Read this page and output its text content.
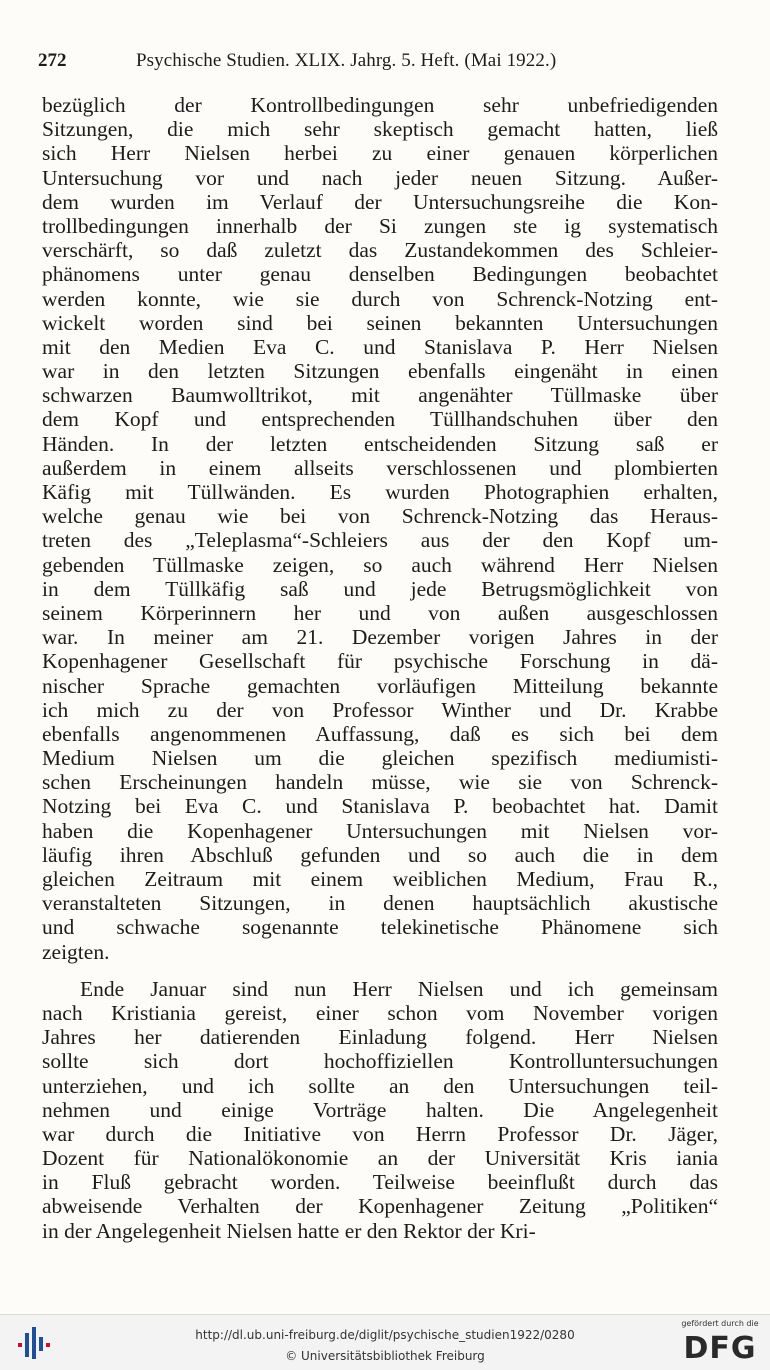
272	Psychische Studien. XLIX. Jahrg. 5. Heft. (Mai 1922.)
bezüglich der Kontrollbedingungen sehr unbefriedigenden
Sitzungen, die mich sehr skeptisch gemacht hatten, ließ
sich Herr Nielsen herbei zu einer genauen körperlichen
Untersuchung vor und nach jeder neuen Sitzung. Außer-
dem wurden im Verlauf der Untersuchungsreihe die Kon-
trollbedingungen innerhalb der Si zungen ste ig systematisch
verschärft, so daß zuletzt das Zustandekommen des Schleier-
phänomens unter genau denselben Bedingungen beobachtet
werden konnte, wie sie durch von Schrenck-Notzing ent-
wickelt worden sind bei seinen bekannten Untersuchungen
mit den Medien Eva C. und Stanislava P. Herr Nielsen
war in den letzten Sitzungen ebenfalls eingenäht in einen
schwarzen Baumwolltrikot, mit angenähter Tüllmaske über
dem Kopf und entsprechenden Tüllhandschuhen über den
Händen. In der letzten entscheidenden Sitzung saß er
außerdem in einem allseits verschlossenen und plombierten
Käfig mit Tüllwänden. Es wurden Photographien erhalten,
welche genau wie bei von Schrenck-Notzing das Heraus-
treten des „Teleplasma“-Schleiers aus der den Kopf um-
gebenden Tüllmaske zeigen, so auch während Herr Nielsen
in dem Tüllkäfig saß und jede Betrugsmöglichkeit von
seinem Körperinnern her und von außen ausgeschlossen
war. In meiner am 21. Dezember vorigen Jahres in der
Kopenhagener Gesellschaft für psychische Forschung in dä-
nischer Sprache gemachten vorläufigen Mitteilung bekannte
ich mich zu der von Professor Winther und Dr. Krabbe
ebenfalls angenommenen Auffassung, daß es sich bei dem
Medium Nielsen um die gleichen spezifisch mediumisti-
schen Erscheinungen handeln müsse, wie sie von Schrenck-
Notzing bei Eva C. und Stanislava P. beobachtet hat. Damit
haben die Kopenhagener Untersuchungen mit Nielsen vor-
läufig ihren Abschluß gefunden und so auch die in dem
gleichen Zeitraum mit einem weiblichen Medium, Frau R.,
veranstalteten Sitzungen, in denen hauptsächlich akustische
und schwache sogenannte telekinetische Phänomene sich
zeigten.
Ende Januar sind nun Herr Nielsen und ich gemeinsam
nach Kristiania gereist, einer schon vom November vorigen
Jahres her datierenden Einladung folgend. Herr Nielsen
sollte sich dort hochoffiziellen Kontrolluntersuchungen
unterziehen, und ich sollte an den Untersuchungen teil-
nehmen und einige Vorträge halten. Die Angelegenheit
war durch die Initiative von Herrn Professor Dr. Jäger,
Dozent für Nationalökonomie an der Universität Kris iania
in Fluß gebracht worden. Teilweise beeinflußt durch das
abweisende Verhalten der Kopenhagener Zeitung „Politiken“
in der Angelegenheit Nielsen hatte er den Rektor der Kri-
http://dl.ub.uni-freiburg.de/diglit/psychische_studien1922/0280
© Universitätsbibliothek Freiburg
gefördert durch die
DFG
